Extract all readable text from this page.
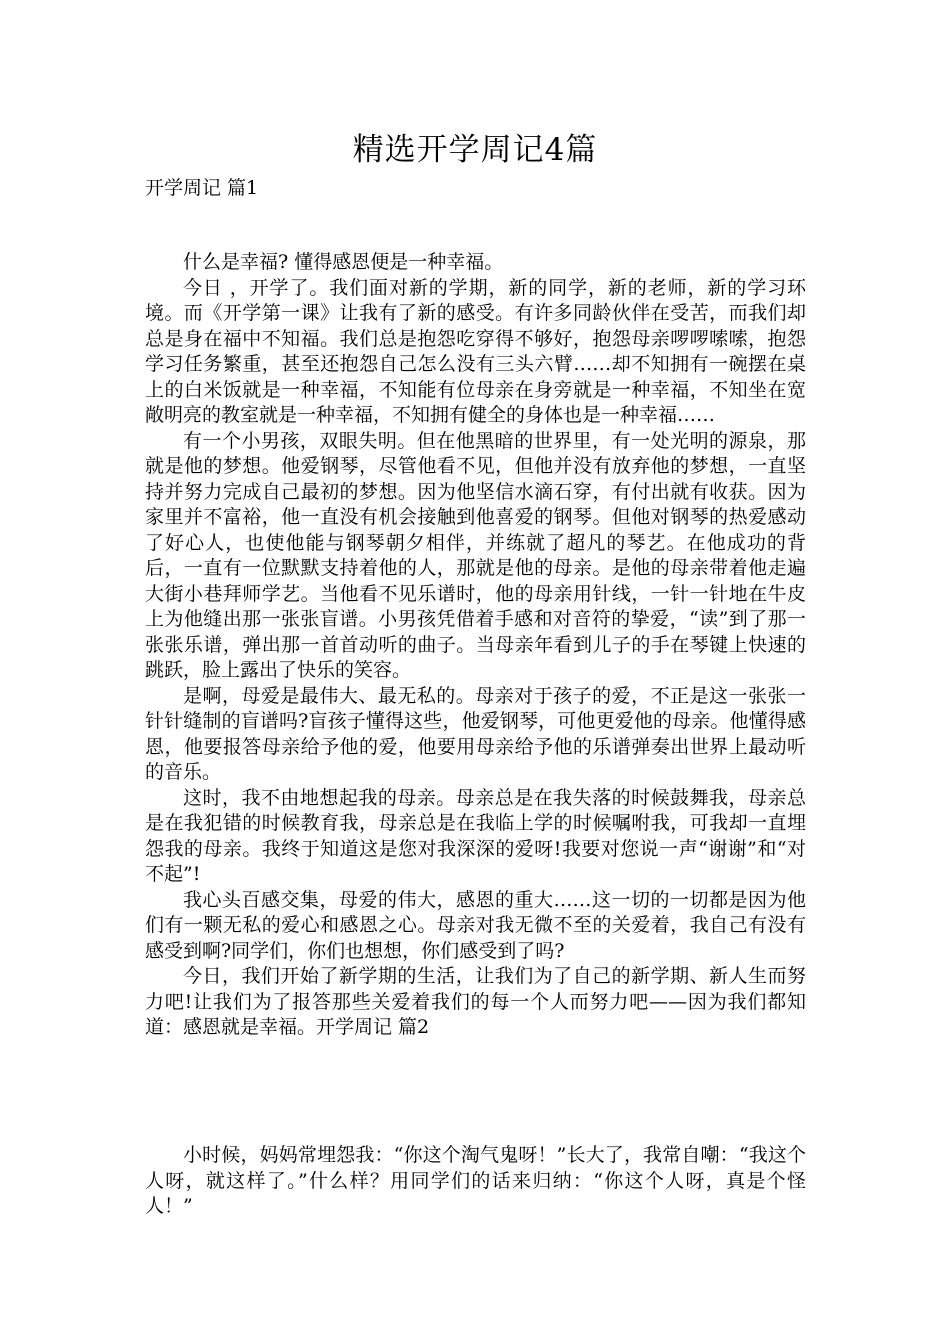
精选开学周记4篇
开学周记 篇1

什么是幸福? 懂得感恩便是一种幸福。

今日 ，开学了。我们面对新的学期，新的同学，新的老师，新的学习环境。而《开学第一课》让我有了新的感受。有许多同龄伙伴在受苦，而我们却总是身在福中不知福。我们总是抱怨吃穿得不够好，抱怨母亲啰啰嗦嗦，抱怨学习任务繁重，甚至还抱怨自己怎么没有三头六臂……却不知拥有一碗摆在桌上的白米饭就是一种幸福，不知能有位母亲在身旁就是一种幸福，不知坐在宽敞明亮的教室就是一种幸福，不知拥有健全的身体也是一种幸福……

有一个小男孩，双眼失明。但在他黑暗的世界里，有一处光明的源泉，那就是他的梦想。他爱钢琴，尽管他看不见，但他并没有放弃他的梦想，一直坚持并努力完成自己最初的梦想。因为他坚信水滴石穿，有付出就有收获。因为家里并不富裕，他一直没有机会接触到他喜爱的钢琴。但他对钢琴的热爱感动了好心人，也使他能与钢琴朝夕相伴，并练就了超凡的琴艺。在他成功的背后，一直有一位默默支持着他的人，那就是他的母亲。是他的母亲带着他走遍大街小巷拜师学艺。当他看不见乐谱时，他的母亲用针线，一针一针地在牛皮上为他缝出那一张张盲谱。小男孩凭借着手感和对音符的挚爱，“读”到了那一张张乐谱，弹出那一首首动听的曲子。当母亲年看到儿子的手在琴键上快速的跳跃，脸上露出了快乐的笑容。

是啊，母爱是最伟大、最无私的。母亲对于孩子的爱，不正是这一张张一针针缝制的盲谱吗?盲孩子懂得这些，他爱钢琴，可他更爱他的母亲。他懂得感恩，他要报答母亲给予他的爱，他要用母亲给予他的乐谱弹奏出世界上最动听的音乐。

这时，我不由地想起我的母亲。母亲总是在我失落的时候鼓舞我，母亲总是在我犯错的时候教育我，母亲总是在我临上学的时候嘱咐我，可我却一直埋怨我的母亲。我终于知道这是您对我深深的爱呀!我要对您说一声“谢谢”和“对不起”!

我心头百感交集，母爱的伟大，感恩的重大……这一切的一切都是因为他们有一颗无私的爱心和感恩之心。母亲对我无微不至的关爱着，我自己有没有感受到啊?同学们，你们也想想，你们感受到了吗?

今日，我们开始了新学期的生活，让我们为了自己的新学期、新人生而努力吧!让我们为了报答那些关爱着我们的每一个人而努力吧——因为我们都知道：感恩就是幸福。开学周记 篇2

小时候，妈妈常埋怨我：“你这个淘气鬼呀！”长大了，我常自嘲：“我这个人呀，就这样了。”什么样？用同学们的话来归纳：“你这个人呀，真是个怪人！”
